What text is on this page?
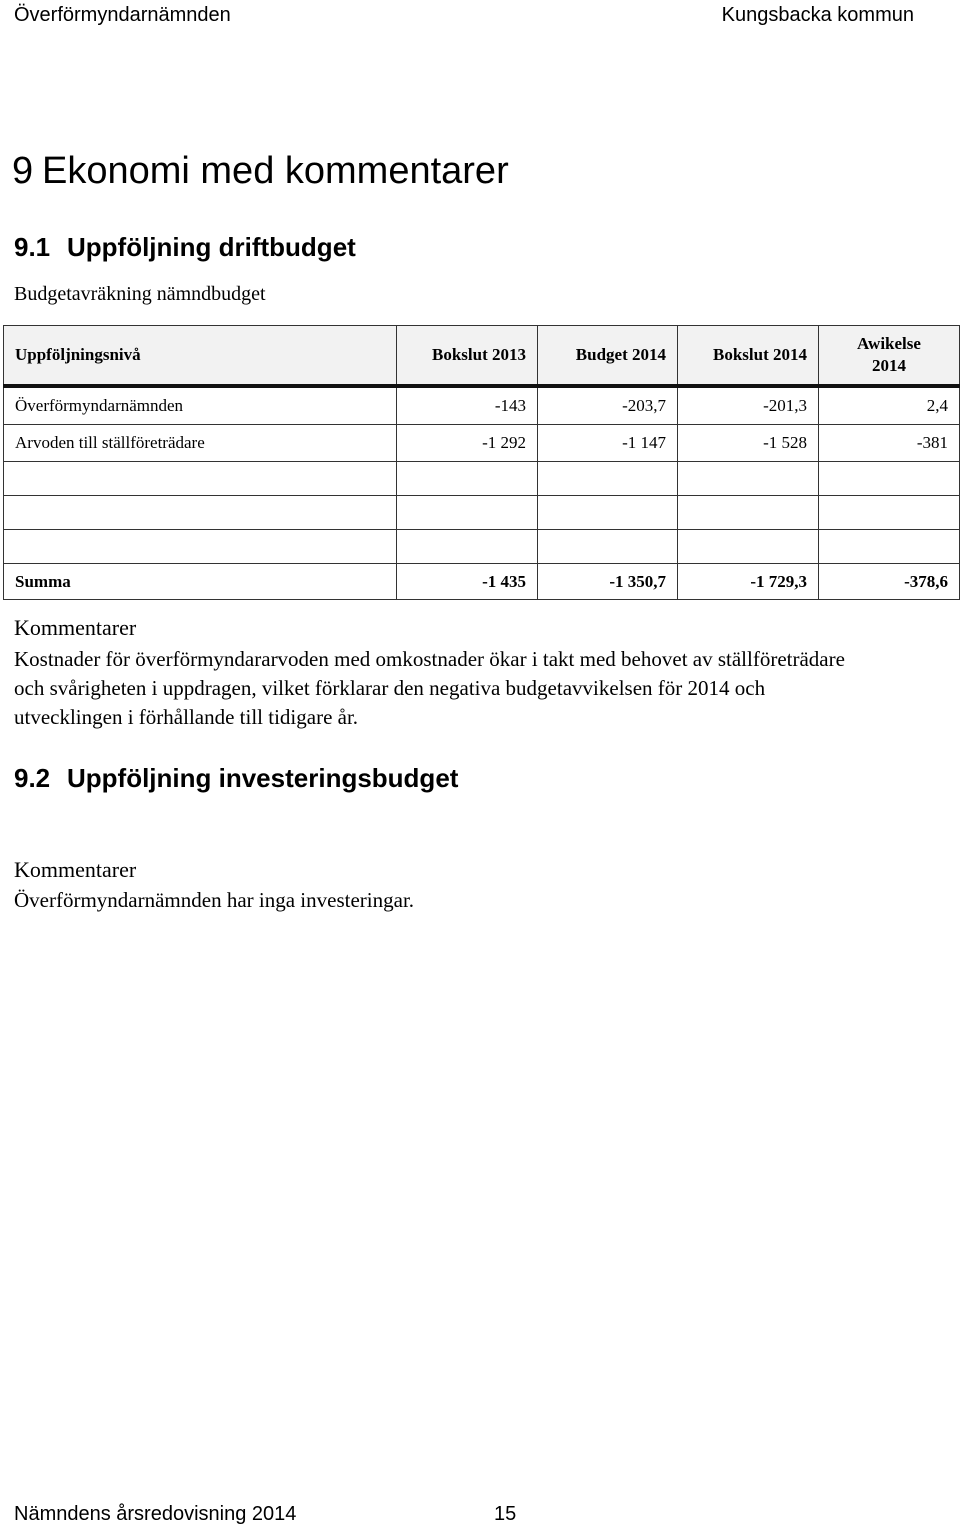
Överförmyndarnämnden	Kungsbacka kommun
9 Ekonomi med kommentarer
9.1 Uppföljning driftbudget
Budgetavräkning nämndbudget
Uppföljningsnivå	Bokslut 2013	Budget 2014	Bokslut 2014	Awikelse
2014
Överförmyndarnämnden	-143	-203,7	-201,3	2,4
Arvoden till ställföreträdare	-1 292	-1 147	-1 528	-381

Summa	-1 435	-1 350,7	-1 729,3	-378,6
Kommentarer
Kostnader för överförmyndararvoden med omkostnader ökar i takt med behovet av ställföreträdare
och svårigheten i uppdragen, vilket förklarar den negativa budgetavvikelsen för 2014 och
utvecklingen i förhållande till tidigare år.
9.2 Uppföljning investeringsbudget
Kommentarer
Överförmyndarnämnden har inga investeringar.
Nämndens årsredovisning 2014	15
